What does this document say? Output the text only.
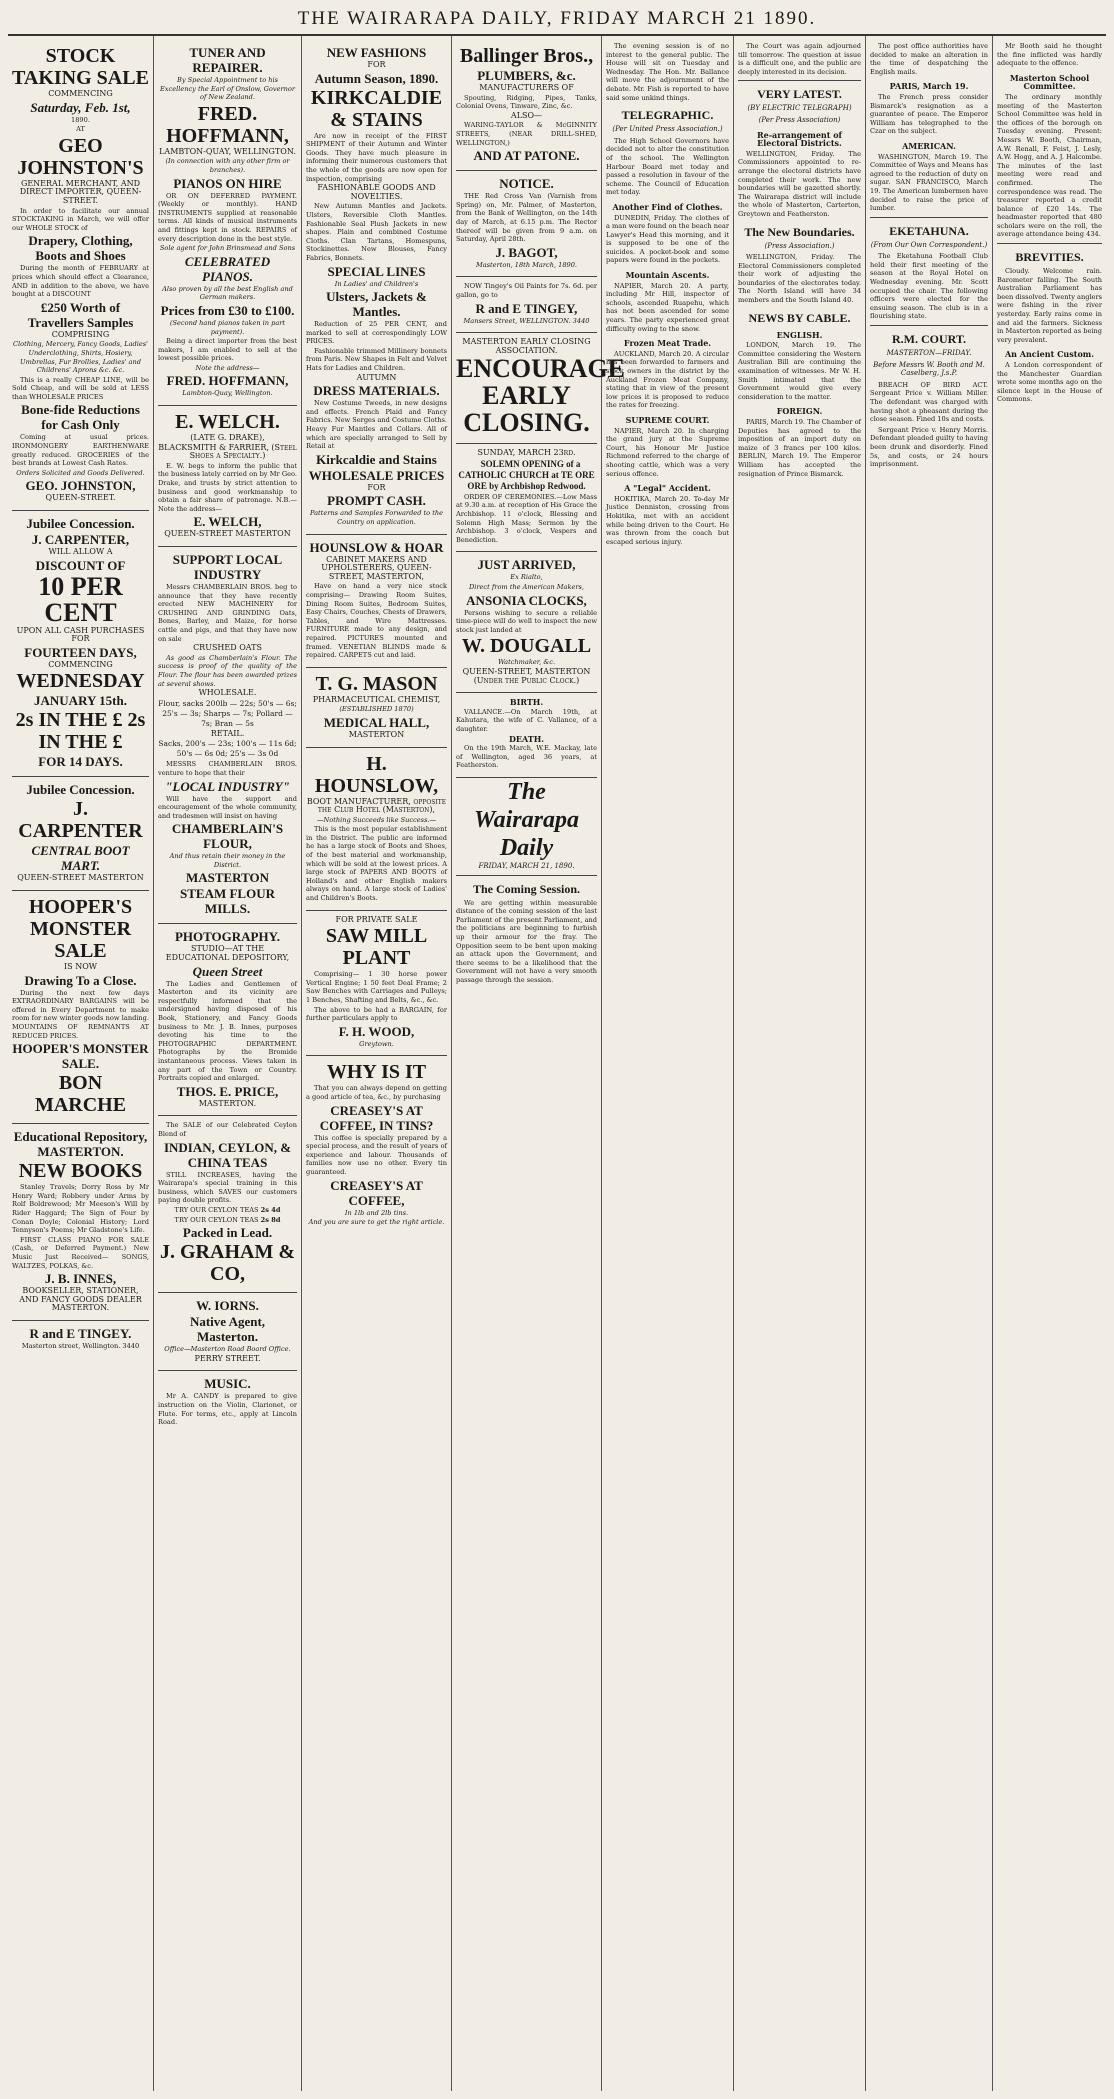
THE WAIRARAPA DAILY, FRIDAY MARCH 21 1890.

STOCK TAKING SALE

COMMENCING

Saturday, Feb. 1st,

1890.

AT

GEO JOHNSTON'S

GENERAL MERCHANT, AND DIRECT IMPORTER, QUEEN-STREET.

In order to facilitate our annual STOCKTAKING in March, we will offer our WHOLE STOCK of

Drapery, Clothing, Boots and Shoes

During the month of FEBRUARY at prices which should effect a Clearance, AND in addition to the above, we have bought at a DISCOUNT

£250 Worth of Travellers Samples

COMPRISING

Clothing, Mercery, Fancy Goods, Ladies' Underclothing, Shirts, Hosiery, Umbrellas, Fur Brollies, Ladies' and Childrens' Aprons &c. &c.

This is a really CHEAP LINE, will be Sold Cheap, and will be sold at LESS than WHOLESALE PRICES

Bone-fide Reductions for Cash Only

Coming at usual prices. IRONMONGERY EARTHENWARE greatly reduced. GROCERIES of the best brands at Lowest Cash Rates.

Orders Solicited and Goods Delivered.

GEO. JOHNSTON,

QUEEN-STREET.

Jubilee Concession.

J. CARPENTER,

WILL ALLOW A

DISCOUNT OF

10 PER CENT

UPON ALL CASH PURCHASES FOR

FOURTEEN DAYS,

COMMENCING

WEDNESDAY

JANUARY 15th.

2s IN THE £ 2s IN THE £

FOR 14 DAYS.

Jubilee Concession.

J. CARPENTER

CENTRAL BOOT MART.

QUEEN-STREET MASTERTON

HOOPER'S MONSTER SALE

IS NOW

Drawing To a Close.

During the next few days EXTRAORDINARY BARGAINS will be offered in Every Department to make room for new winter goods now landing. MOUNTAINS OF REMNANTS AT REDUCED PRICES.

HOOPER'S MONSTER SALE.

BON MARCHE

Educational Repository, MASTERTON.

NEW BOOKS

Stanley Travels; Dorry Ross by Mr Henry Ward; Robbery under Arms by Rolf Boldrewood; Mr Meeson's Will by Rider Haggard; The Sign of Four by Conan Doyle; Colonial History; Lord Tennyson's Poems; Mr Gladstone's Life.

FIRST CLASS PIANO FOR SALE (Cash, or Deferred Payment.) New Music Just Received— SONGS, WALTZES, POLKAS, &c.

J. B. INNES,

BOOKSELLER, STATIONER, AND FANCY GOODS DEALER MASTERTON.

R and E TINGEY.

Masterton street, Wellington. 3440

TUNER AND REPAIRER.

By Special Appointment to his Excellency the Earl of Onslow, Governor of New Zealand.

FRED. HOFFMANN,

LAMBTON-QUAY, WELLINGTON.

(In connection with any other firm or branches).

PIANOS ON HIRE

OR ON DEFERRED PAYMENT. (Weekly or monthly). HAND INSTRUMENTS supplied at reasonable terms. All kinds of musical instruments and fittings kept in stock. REPAIRS of every description done in the best style.

Sole agent for John Brinsmead and Sons

CELEBRATED PIANOS.

Also proven by all the best English and German makers.

Prices from £30 to £100.

(Second hand pianos taken in part payment).

Being a direct importer from the best makers, I am enabled to sell at the lowest possible prices.

Note the address—

FRED. HOFFMANN,

Lambton-Quay, Wellington.

E. WELCH.

(LATE G. DRAKE),

BLACKSMITH & FARRIER, (Steel Shoes a Specialty.)

E. W. begs to inform the public that the business lately carried on by Mr Geo. Drake, and trusts by strict attention to business and good workmanship to obtain a fair share of patronage. N.B.—Note the address—

E. WELCH,

QUEEN-STREET MASTERTON

SUPPORT LOCAL INDUSTRY

Messrs CHAMBERLAIN BROS. beg to announce that they have recently erected NEW MACHINERY for CRUSHING AND GRINDING Oats, Bones, Barley, and Maize, for horse cattle and pigs, and that they have now on sale

CRUSHED OATS

As good as Chamberlain's Flour. The success is proof of the quality of the Flour. The flour has been awarded prizes at several shows.

WHOLESALE.

Flour, sacks 200lb — 22s; 50's — 6s; 25's — 3s; Sharps — 7s; Pollard — 7s; Bran — 5s

RETAIL.

Sacks, 200's — 23s; 100's — 11s 6d; 50's — 6s 0d; 25's — 3s 0d

MESSRS CHAMBERLAIN BROS. venture to hope that their

"LOCAL INDUSTRY"

Will have the support and encouragement of the whole community, and tradesmen will insist on having

CHAMBERLAIN'S FLOUR,

And thus retain their money in the District.

MASTERTON

STEAM FLOUR MILLS.

PHOTOGRAPHY.

STUDIO—AT THE EDUCATIONAL DEPOSITORY,

Queen Street

The Ladies and Gentlemen of Masterton and its vicinity are respectfully informed that the undersigned having disposed of his Book, Stationery, and Fancy Goods business to Mr. J. B. Innes, purposes devoting his time to the PHOTOGRAPHIC DEPARTMENT. Photographs by the Bromide instantaneous process. Views taken in any part of the Town or Country. Portraits copied and enlarged.

THOS. E. PRICE,

MASTERTON.

The SALE of our Celebrated Ceylon Blend of

INDIAN, CEYLON, & CHINA TEAS

STILL INCREASES, having the Wairarapa's special training in this business, which SAVES our customers paying double profits.

TRY OUR CEYLON TEAS 2s 4d

TRY OUR CEYLON TEAS 2s 8d

Packed in Lead.

J. GRAHAM & CO,

W. IORNS.

Native Agent, Masterton.

Office—Masterton Road Board Office.

PERRY STREET.

MUSIC.

Mr A. CANDY is prepared to give instruction on the Violin, Clarionet, or Flute. For terms, etc., apply at Lincoln Road.

NEW FASHIONS

FOR

Autumn Season, 1890.

KIRKCALDIE & STAINS

Are now in receipt of the FIRST SHIPMENT of their Autumn and Winter Goods. They have much pleasure in informing their numerous customers that the whole of the goods are now open for inspection, comprising

FASHIONABLE GOODS AND NOVELTIES.

New Autumn Mantles and Jackets. Ulsters, Reversible Cloth Mantles. Fashionable Seal Plush Jackets in new shapes. Plain and combined Costume Cloths. Clan Tartans, Homespuns, Stockinettes. New Blouses, Fancy Fabrics, Bonnets.

SPECIAL LINES

In Ladies' and Children's

Ulsters, Jackets & Mantles.

Reduction of 25 PER CENT, and marked to sell at correspondingly LOW PRICES.

Fashionable trimmed Millinery bonnets from Paris. New Shapes in Felt and Velvet Hats for Ladies and Children.

AUTUMN

DRESS MATERIALS.

New Costume Tweeds, in new designs and effects. French Plaid and Fancy Fabrics. New Serges and Costume Cloths. Heavy Fur Mantles and Collars. All of which are specially arranged to Sell by Retail at

Kirkcaldie and Stains

WHOLESALE PRICES

FOR

PROMPT CASH.

Patterns and Samples Forwarded to the Country on application.

HOUNSLOW & HOAR

CABINET MAKERS AND UPHOLSTERERS, QUEEN-STREET, MASTERTON,

Have on hand a very nice stock comprising— Drawing Room Suites, Dining Room Suites, Bedroom Suites, Easy Chairs, Couches, Chests of Drawers, Tables, and Wire Mattresses. FURNITURE made to any design, and repaired. PICTURES mounted and framed. VENETIAN BLINDS made & repaired. CARPETS cut and laid.

T. G. MASON

PHARMACEUTICAL CHEMIST,

(ESTABLISHED 1870)

MEDICAL HALL,

MASTERTON

H. HOUNSLOW,

BOOT MANUFACTURER, opposite the Club Hotel (Masterton),

—Nothing Succeeds like Success.—

This is the most popular establishment in the District. The public are informed he has a large stock of Boots and Shoes, of the best material and workmanship, which will be sold at the lowest prices. A large stock of PAPERS AND BOOTS of Holland's and other English makers always on hand. A large stock of Ladies' and Children's Boots.

FOR PRIVATE SALE

SAW MILL PLANT

Comprising— 1 30 horse power Vertical Engine; 1 50 feet Deal Frame; 2 Saw Benches with Carriages and Pulleys; 1 Benches, Shafting and Belts, &c., &c.

The above to be had a BARGAIN, for further particulars apply to

F. H. WOOD,

Greytown.

WHY IS IT

That you can always depend on getting a good article of tea, &c., by purchasing

CREASEY'S AT COFFEE, IN TINS?

This coffee is specially prepared by a special process, and the result of years of experience and labour. Thousands of families now use no other. Every tin guaranteed.

CREASEY'S AT COFFEE,

In 1lb and 2lb tins.

And you are sure to get the right article.

Ballinger Bros.,

PLUMBERS, &c.

MANUFACTURERS OF

Spouting, Ridging, Pipes, Tanks, Colonial Ovens, Tinware, Zinc, &c.

ALSO—

WARING-TAYLOR & McGINNITY STREETS, (NEAR DRILL-SHED, WELLINGTON,)

AND AT PATONE.

NOTICE.

THE Red Cross Van (Varnish from Spring) on, Mr. Palmer, of Masterton, from the Bank of Wellington, on the 14th day of March, at 6.15 p.m. The Rector thereof will be given from 9 a.m. on Saturday, April 28th.

J. BAGOT,

Masterton, 18th March, 1890.

NOW Tingey's Oil Paints for 7s. 6d. per gallon, go to

R and E TINGEY,

Mansers Street, WELLINGTON. 3440

MASTERTON EARLY CLOSING ASSOCIATION.

ENCOURAGE

EARLY

CLOSING.

SUNDAY, MARCH 23rd.

SOLEMN OPENING of a CATHOLIC CHURCH at TE ORE ORE by Archbishop Redwood.

ORDER OF CEREMONIES.—Low Mass at 9.30 a.m. at reception of His Grace the Archbishop. 11 o'clock, Blessing and Solemn High Mass; Sermon by the Archbishop. 3 o'clock, Vespers and Benediction.

JUST ARRIVED,

Ex Rialto,

Direct from the American Makers,

ANSONIA CLOCKS,

Persons wishing to secure a reliable time-piece will do well to inspect the new stock just landed at

W. DOUGALL

Watchmaker, &c.

QUEEN-STREET, MASTERTON (Under the Public Clock.)

BIRTH.

VALLANCE.—On March 19th, at Kahutara, the wife of C. Vallance, of a daughter.

DEATH.

On the 19th March, W.E. Mackay, late of Wellington, aged 36 years, at Featherston.

The Wairarapa Daily

FRIDAY, MARCH 21, 1890.

The Coming Session.

We are getting within measurable distance of the coming session of the last Parliament of the present Parliament, and the politicians are beginning to furbish up their armour for the fray. The Opposition seem to be bent upon making an attack upon the Government, and there seems to be a likelihood that the Government will not have a very smooth passage through the session.

The evening session is of no interest to the general public. The House will sit on Tuesday and Wednesday. The Hon. Mr. Ballance will move the adjournment of the debate. Mr. Fish is reported to have said some unkind things.

TELEGRAPHIC.

(Per United Press Association.)

The High School Governors have decided not to alter the constitution of the school. The Wellington Harbour Board met today and passed a resolution in favour of the scheme. The Council of Education met today.

Another Find of Clothes.

DUNEDIN, Friday. The clothes of a man were found on the beach near Lawyer's Head this morning, and it is supposed to be one of the suicides. A pocket-book and some papers were found in the pockets.

Mountain Ascents.

NAPIER, March 20. A party, including Mr Hill, inspector of schools, ascended Ruapehu, which has not been ascended for some years. The party experienced great difficulty owing to the snow.

Frozen Meat Trade.

AUCKLAND, March 20. A circular has been forwarded to farmers and stock owners in the district by the Auckland Frozen Meat Company, stating that in view of the present low prices it is proposed to reduce the rates for freezing.

SUPREME COURT.

NAPIER, March 20. In charging the grand jury at the Supreme Court, his Honour Mr Justice Richmond referred to the charge of shooting cattle, which was a very serious offence.

A "Legal" Accident.

HOKITIKA, March 20. To-day Mr Justice Denniston, crossing from Hokitika, met with an accident while being driven to the Court. He was thrown from the coach but escaped serious injury.

The Court was again adjourned till tomorrow. The question at issue is a difficult one, and the public are deeply interested in its decision.

VERY LATEST.

(BY ELECTRIC TELEGRAPH)

(Per Press Association)

Re-arrangement of Electoral Districts.

WELLINGTON, Friday. The Commissioners appointed to re-arrange the electoral districts have completed their work. The new boundaries will be gazetted shortly. The Wairarapa district will include the whole of Masterton, Carterton, Greytown and Featherston.

The New Boundaries.

(Press Association.)

WELLINGTON, Friday. The Electoral Commissioners completed their work of adjusting the boundaries of the electorates today. The North Island will have 34 members and the South Island 40.

NEWS BY CABLE.

ENGLISH.

LONDON, March 19. The Committee considering the Western Australian Bill are continuing the examination of witnesses. Mr W. H. Smith intimated that the Government would give every consideration to the matter.

FOREIGN.

PARIS, March 19. The Chamber of Deputies has agreed to the imposition of an import duty on maize of 3 francs per 100 kilos. BERLIN, March 19. The Emperor William has accepted the resignation of Prince Bismarck.

The post office authorities have decided to make an alteration in the time of despatching the English mails.

PARIS, March 19.

The French press consider Bismarck's resignation as a guarantee of peace. The Emperor William has telegraphed to the Czar on the subject.

AMERICAN.

WASHINGTON, March 19. The Committee of Ways and Means has agreed to the reduction of duty on sugar. SAN FRANCISCO, March 19. The American lumbermen have decided to raise the price of lumber.

EKETAHUNA.

(From Our Own Correspondent.)

The Eketahuna Football Club held their first meeting of the season at the Royal Hotel on Wednesday evening. Mr. Scott occupied the chair. The following officers were elected for the ensuing season. The club is in a flourishing state.

R.M. COURT.

MASTERTON—FRIDAY.

Before Messrs W. Booth and M. Caselberg, J.s.P.

BREACH OF BIRD ACT. Sergeant Price v. William Miller. The defendant was charged with having shot a pheasant during the close season. Fined 10s and costs.

Sergeant Price v. Henry Morris. Defendant pleaded guilty to having been drunk and disorderly. Fined 5s, and costs, or 24 hours imprisonment.

Mr Booth said he thought the fine inflicted was hardly adequate to the offence.

Masterton School Committee.

The ordinary monthly meeting of the Masterton School Committee was held in the offices of the borough on Tuesday evening. Present: Messrs W. Booth, Chairman, A.W. Renall, F. Feist, J. Lesly, A.W. Hogg, and A. J. Halcombe. The minutes of the last meeting were read and confirmed. The correspondence was read. The treasurer reported a credit balance of £20 14s. The headmaster reported that 480 scholars were on the roll, the average attendance being 434.

BREVITIES.

Cloudy. Welcome rain. Barometer falling. The South Australian Parliament has been dissolved. Twenty anglers were fishing in the river yesterday. Early rains come in and aid the farmers. Sickness in Masterton reported as being very prevalent.

An Ancient Custom.

A London correspondent of the Manchester Guardian wrote some months ago on the silence kept in the House of Commons.
